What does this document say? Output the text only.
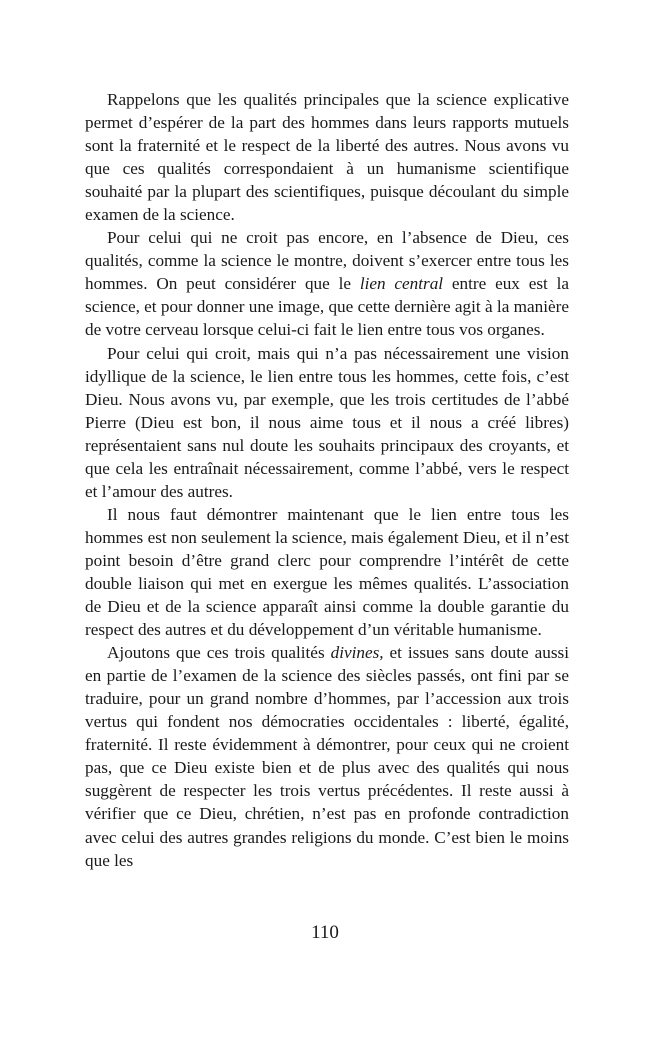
Rappelons que les qualités principales que la science explicative permet d’espérer de la part des hommes dans leurs rapports mutuels sont la fraternité et le respect de la liberté des autres. Nous avons vu que ces qualités correspondaient à un humanisme scientifique souhaité par la plupart des scientifiques, puisque découlant du simple examen de la science.

Pour celui qui ne croit pas encore, en l’absence de Dieu, ces qualités, comme la science le montre, doivent s’exercer entre tous les hommes. On peut considérer que le lien central entre eux est la science, et pour donner une image, que cette dernière agit à la manière de votre cerveau lorsque celui-ci fait le lien entre tous vos organes.

Pour celui qui croit, mais qui n’a pas nécessairement une vision idyllique de la science, le lien entre tous les hommes, cette fois, c’est Dieu. Nous avons vu, par exemple, que les trois certitudes de l’abbé Pierre (Dieu est bon, il nous aime tous et il nous a créé libres) représentaient sans nul doute les souhaits principaux des croyants, et que cela les entraînait nécessairement, comme l’abbé, vers le respect et l’amour des autres.

Il nous faut démontrer maintenant que le lien entre tous les hommes est non seulement la science, mais également Dieu, et il n’est point besoin d’être grand clerc pour comprendre l’intérêt de cette double liaison qui met en exergue les mêmes qualités. L’association de Dieu et de la science apparaît ainsi comme la double garantie du respect des autres et du développement d’un véritable humanisme.

Ajoutons que ces trois qualités divines, et issues sans doute aussi en partie de l’examen de la science des siècles passés, ont fini par se traduire, pour un grand nombre d’hommes, par l’accession aux trois vertus qui fondent nos démocraties occidentales : liberté, égalité, fraternité. Il reste évidemment à démontrer, pour ceux qui ne croient pas, que ce Dieu existe bien et de plus avec des qualités qui nous suggèrent de respecter les trois vertus précédentes. Il reste aussi à vérifier que ce Dieu, chrétien, n’est pas en profonde contradiction avec celui des autres grandes religions du monde. C’est bien le moins que les

110
